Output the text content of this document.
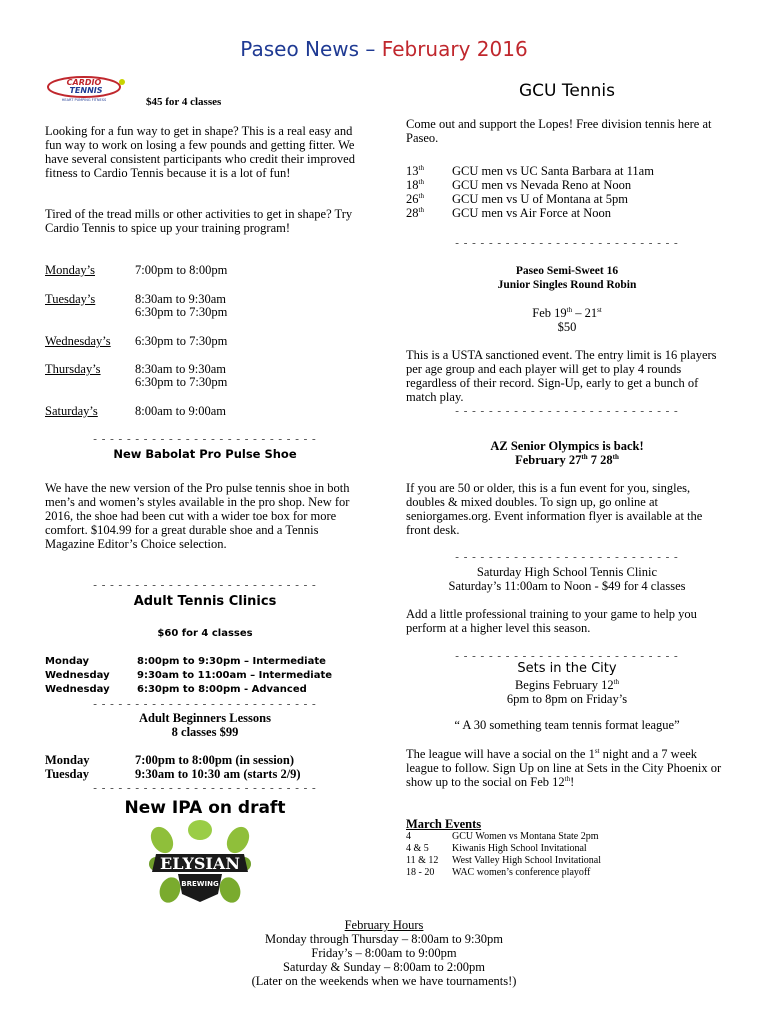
Paseo News – February 2016
CARDIO
TENNIS
HEART PUMPING FITNESS	$45 for 4 classes
Looking for a fun way to get in shape? This is a real easy and fun way to work on losing a few pounds and getting fitter. We have several consistent participants who credit their improved fitness to Cardio Tennis because it is a lot of fun!
Tired of the tread mills or other activities to get in shape? Try Cardio Tennis to spice up your training program!
Monday’s	7:00pm to 8:00pm
Tuesday’s	8:30am to 9:30am
6:30pm to 7:30pm
Wednesday’s 6:30pm to 7:30pm
Thursday’s	8:30am to 9:30am
6:30pm to 7:30pm
Saturday’s	8:00am to 9:00am
- - - - - - - - - - - - - - - - - - - - - - - - - - -
New Babolat Pro Pulse Shoe
We have the new version of the Pro pulse tennis shoe in both men’s and women’s styles available in the pro shop. New for 2016, the shoe had been cut with a wider toe box for more comfort. $104.99 for a great durable shoe and a Tennis Magazine Editor’s Choice selection.
- - - - - - - - - - - - - - - - - - - - - - - - - - -
Adult Tennis Clinics
$60 for 4 classes
Monday	8:00pm to 9:30pm – Intermediate
Wednesday	9:30am to 11:00am – Intermediate
Wednesday	6:30pm to 8:00pm - Advanced
- - - - - - - - - - - - - - - - - - - - - - - - - - -
Adult Beginners Lessons
8 classes $99
Monday	7:00pm to 8:00pm (in session)
Tuesday	9:30am to 10:30 am (starts 2/9)
- - - - - - - - - - - - - - - - - - - - - - - - - - -
New IPA on draft
ELYSIAN
BREWING
GCU Tennis
Come out and support the Lopes! Free division tennis here at Paseo.
13th GCU men vs UC Santa Barbara at 11am
18th GCU men vs Nevada Reno at Noon
26th GCU men vs U of Montana at 5pm
28th GCU men vs Air Force at Noon
- - - - - - - - - - - - - - - - - - - - - - - - - - -
Paseo Semi-Sweet 16
Junior Singles Round Robin
Feb 19th – 21st
$50
This is a USTA sanctioned event. The entry limit is 16 players per age group and each player will get to play 4 rounds regardless of their record. Sign-Up, early to get a bunch of match play.
- - - - - - - - - - - - - - - - - - - - - - - - - - -
AZ Senior Olympics is back!
February 27th 7 28th
If you are 50 or older, this is a fun event for you, singles, doubles & mixed doubles. To sign up, go online at seniorgames.org. Event information flyer is available at the front desk.
- - - - - - - - - - - - - - - - - - - - - - - - - - -
Saturday High School Tennis Clinic
Saturday’s 11:00am to Noon - $49 for 4 classes
Add a little professional training to your game to help you perform at a higher level this season.
- - - - - - - - - - - - - - - - - - - - - - - - - - -
Sets in the City
Begins February 12th
6pm to 8pm on Friday’s
“ A 30 something team tennis format league”
The league will have a social on the 1st night and a 7 week league to follow. Sign Up on line at Sets in the City Phoenix or show up to the social on Feb 12th!
March Events
4	GCU Women vs Montana State 2pm
4 & 5 Kiwanis High School Invitational
11 & 12 West Valley High School Invitational
18 - 20 WAC women’s conference playoff
February Hours
Monday through Thursday – 8:00am to 9:30pm
Friday’s – 8:00am to 9:00pm
Saturday & Sunday – 8:00am to 2:00pm
(Later on the weekends when we have tournaments!)
